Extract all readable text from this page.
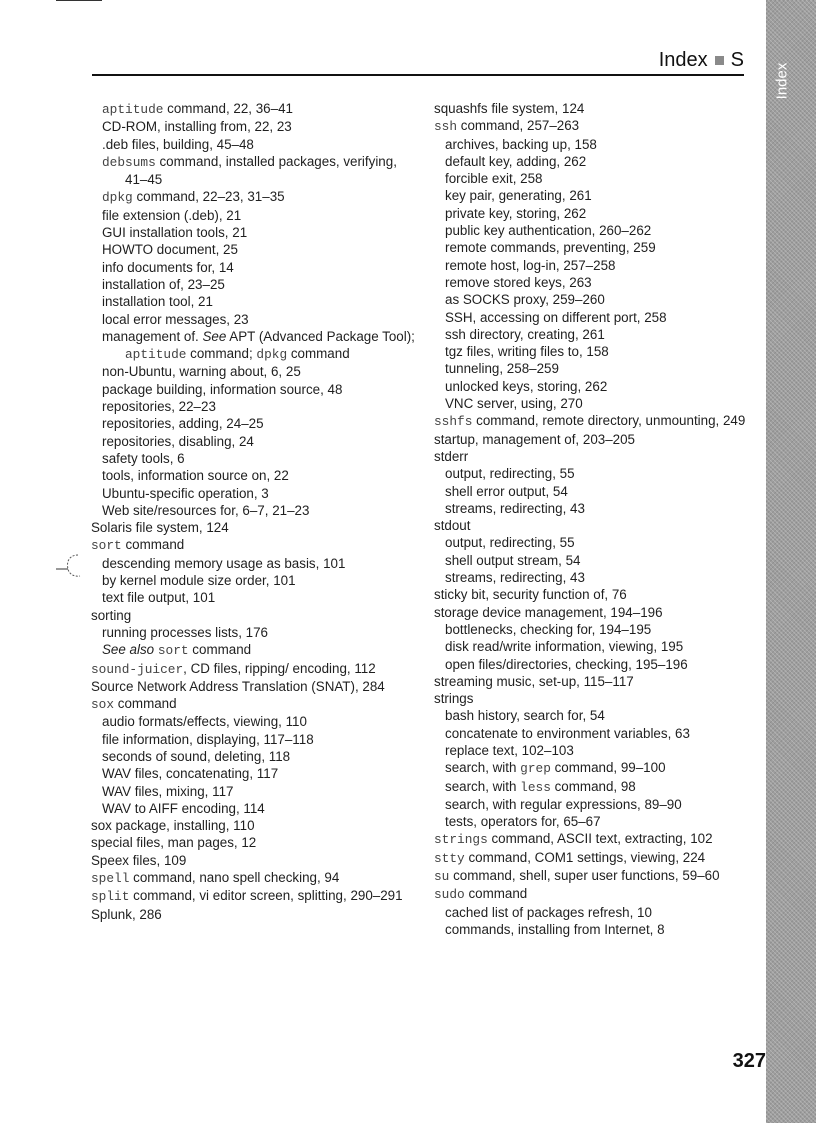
Index S
Index
aptitude command, 22, 36–41
CD-ROM, installing from, 22, 23
.deb files, building, 45–48
debsums command, installed packages, verifying, 41–45
dpkg command, 22–23, 31–35
file extension (.deb), 21
GUI installation tools, 21
HOWTO document, 25
info documents for, 14
installation of, 23–25
installation tool, 21
local error messages, 23
management of. See APT (Advanced Package Tool); aptitude command; dpkg command
non-Ubuntu, warning about, 6, 25
package building, information source, 48
repositories, 22–23
repositories, adding, 24–25
repositories, disabling, 24
safety tools, 6
tools, information source on, 22
Ubuntu-specific operation, 3
Web site/resources for, 6–7, 21–23
Solaris file system, 124
sort command
descending memory usage as basis, 101
by kernel module size order, 101
text file output, 101
sorting
running processes lists, 176
See also sort command
sound-juicer, CD files, ripping/ encoding, 112
Source Network Address Translation (SNAT), 284
sox command
audio formats/effects, viewing, 110
file information, displaying, 117–118
seconds of sound, deleting, 118
WAV files, concatenating, 117
WAV files, mixing, 117
WAV to AIFF encoding, 114
sox package, installing, 110
special files, man pages, 12
Speex files, 109
spell command, nano spell checking, 94
split command, vi editor screen, splitting, 290–291
Splunk, 286
squashfs file system, 124
ssh command, 257–263
archives, backing up, 158
default key, adding, 262
forcible exit, 258
key pair, generating, 261
private key, storing, 262
public key authentication, 260–262
remote commands, preventing, 259
remote host, log-in, 257–258
remove stored keys, 263
as SOCKS proxy, 259–260
SSH, accessing on different port, 258
ssh directory, creating, 261
tgz files, writing files to, 158
tunneling, 258–259
unlocked keys, storing, 262
VNC server, using, 270
sshfs command, remote directory, unmounting, 249
startup, management of, 203–205
stderr
output, redirecting, 55
shell error output, 54
streams, redirecting, 43
stdout
output, redirecting, 55
shell output stream, 54
streams, redirecting, 43
sticky bit, security function of, 76
storage device management, 194–196
bottlenecks, checking for, 194–195
disk read/write information, viewing, 195
open files/directories, checking, 195–196
streaming music, set-up, 115–117
strings
bash history, search for, 54
concatenate to environment variables, 63
replace text, 102–103
search, with grep command, 99–100
search, with less command, 98
search, with regular expressions, 89–90
tests, operators for, 65–67
strings command, ASCII text, extracting, 102
stty command, COM1 settings, viewing, 224
su command, shell, super user functions, 59–60
sudo command
cached list of packages refresh, 10
commands, installing from Internet, 8
327
